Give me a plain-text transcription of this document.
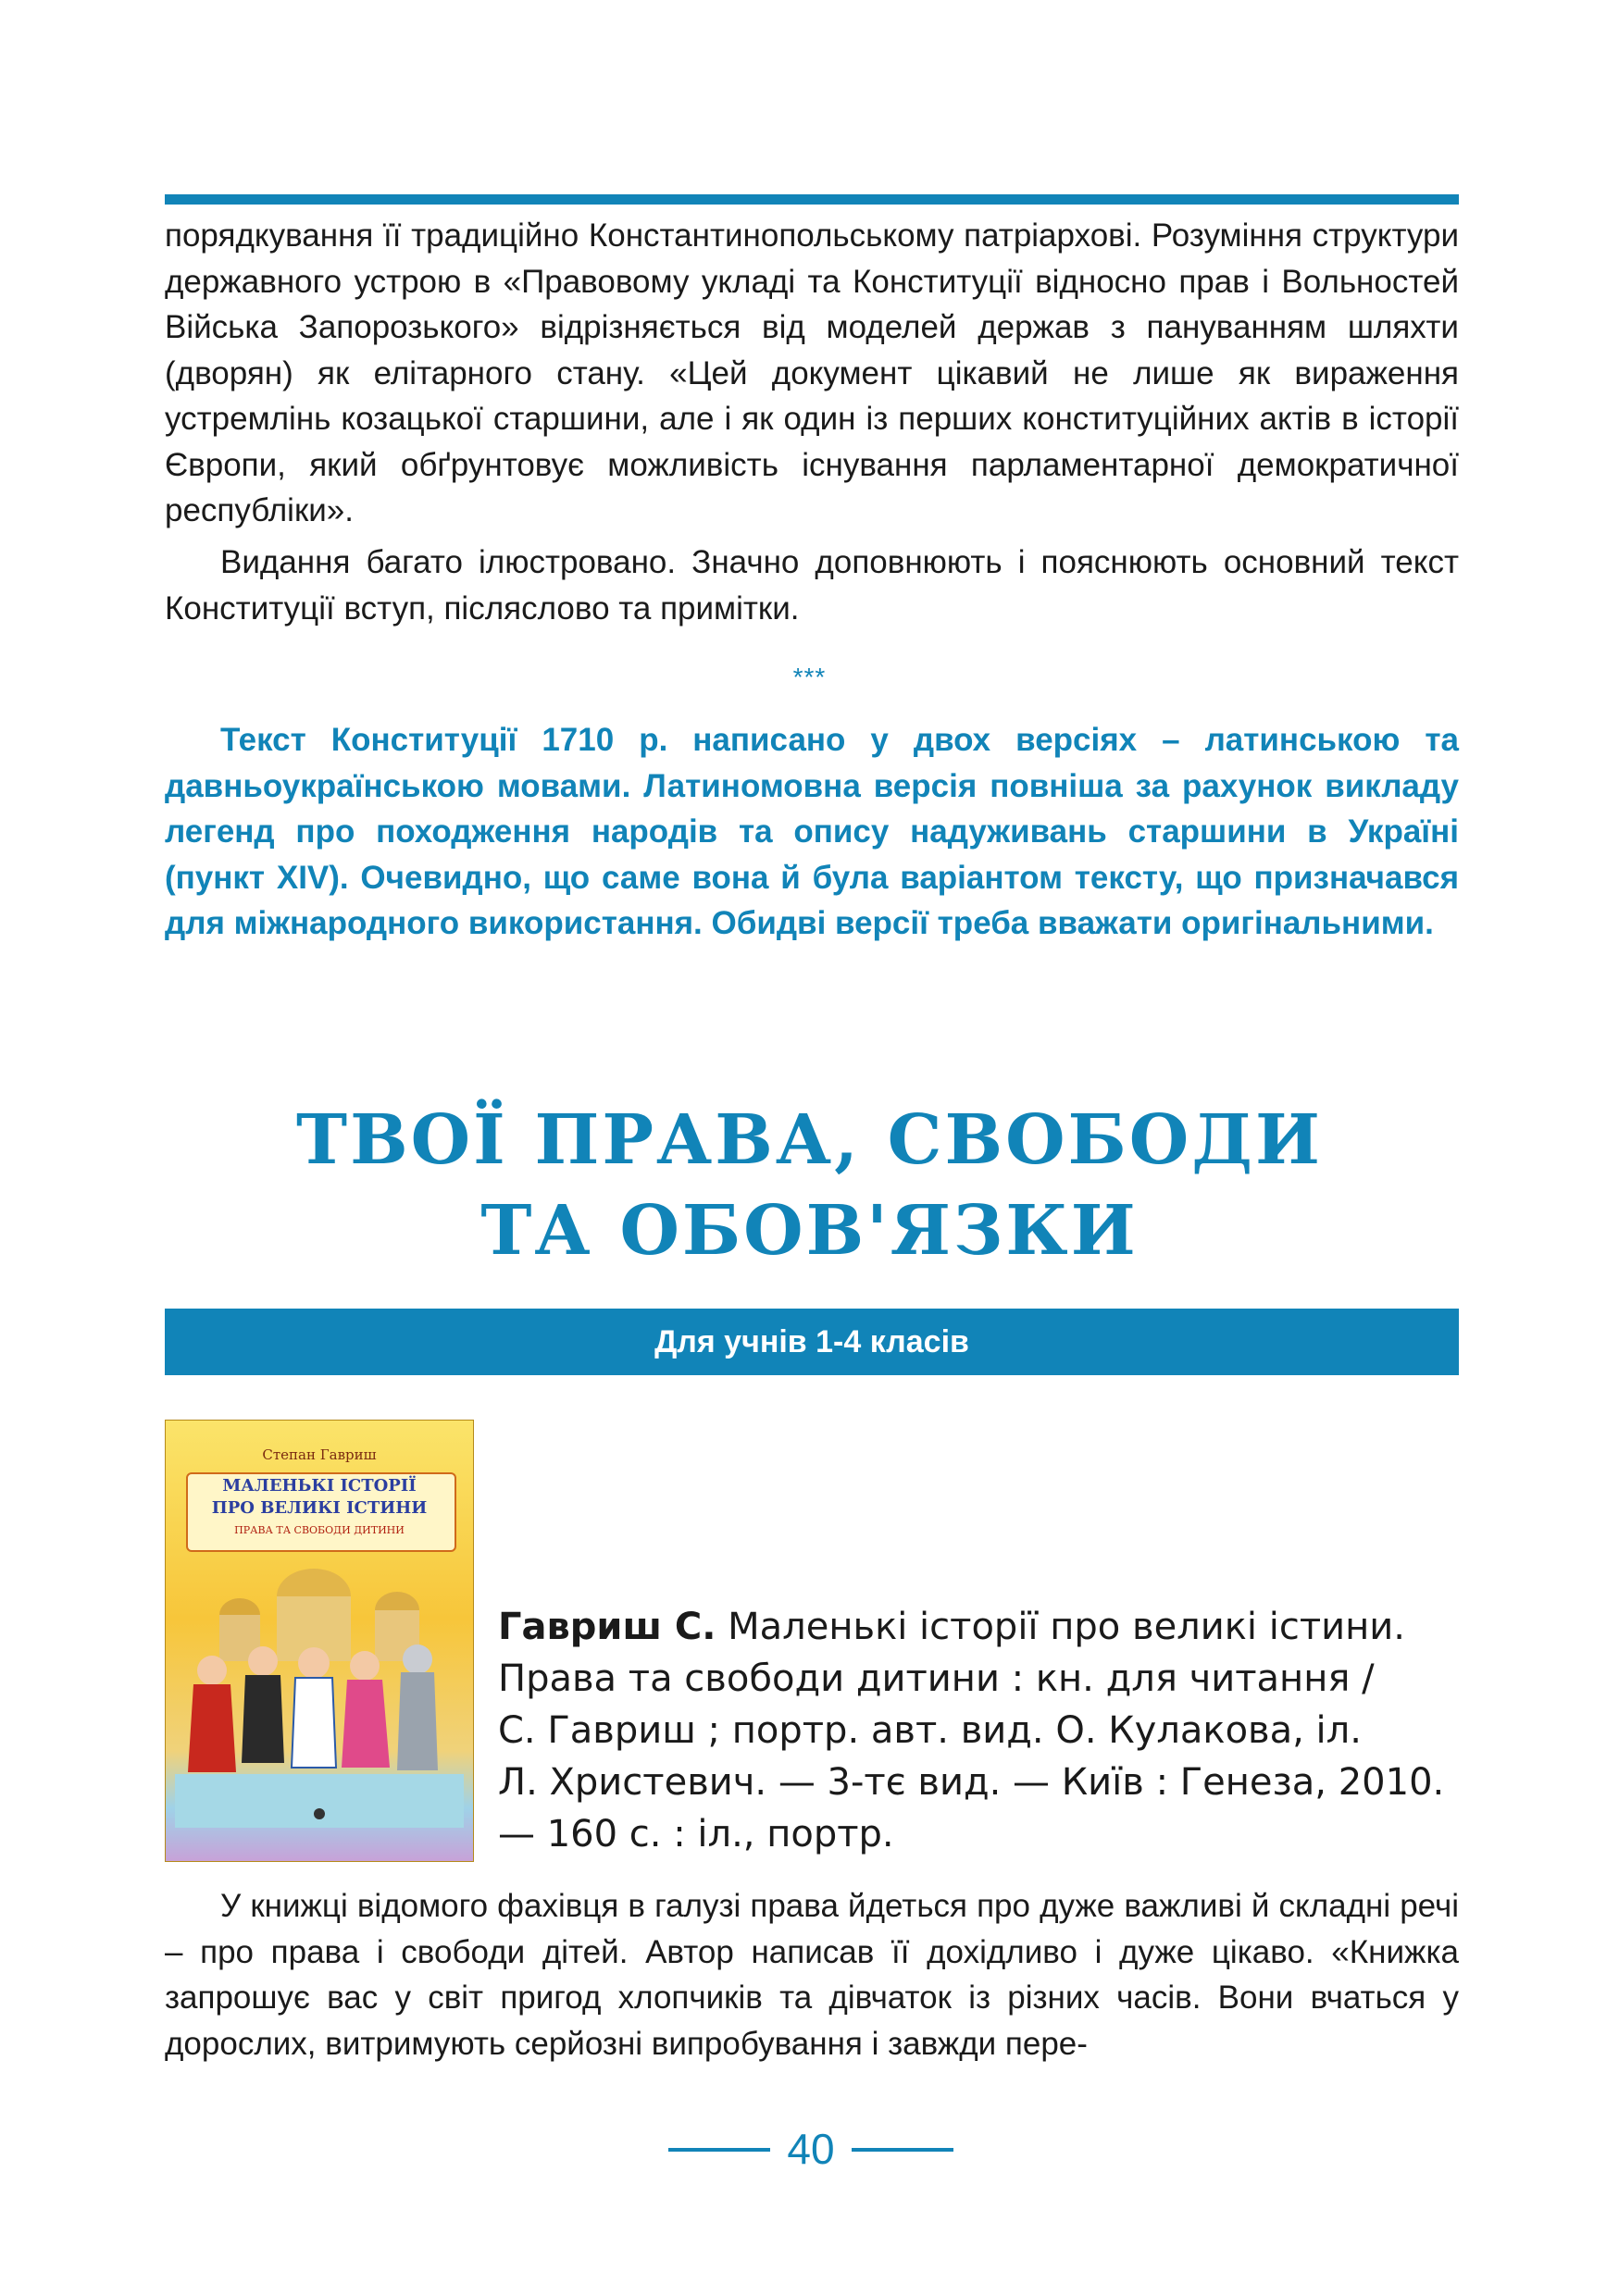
порядкування її традиційно Константинопольському патріархові. Розуміння структури державного устрою в «Правовому укладі та Конституції відносно прав і Вольностей Війська Запорозького» відрізняється від моделей держав з пануванням шляхти (дворян) як елітарного стану. «Цей документ цікавий не лише як вираження устремлінь козацької старшини, але і як один із перших конституційних актів в історії Європи, який обґрунтовує можливість існування парламентарної демократичної республіки».

Видання багато ілюстровано. Значно доповнюють і пояснюють основний текст Конституції вступ, післяслово та примітки.

***

Текст Конституції 1710 р. написано у двох версіях – латинською та давньоукраїнською мовами. Латиномовна версія повніша за рахунок викладу легенд про походження народів та опису надуживань старшини в Україні (пункт XIV). Очевидно, що саме вона й була варіантом тексту, що призначався для міжнародного використання. Обидві версії треба вважати оригінальними.

ТВОЇ ПРАВА, СВОБОДИ
ТА ОБОВ'ЯЗКИ
Для учнів 1-4 класів
Степан Гавриш
МАЛЕНЬКІ ІСТОРІЇ
ПРО ВЕЛИКІ ІСТИНИ
ПРАВА ТА СВОБОДИ ДИТИНИ
Гавриш С. Маленькі історії про великі істини.
Права та свободи дитини : кн. для читання /
С. Гавриш ; портр. авт. вид. О. Кулакова, іл.
Л. Христевич. — 3-тє вид. — Київ : Генеза, 2010.
— 160 с. : іл., портр.

У книжці відомого фахівця в галузі права йдеться про дуже важливі й складні речі – про права і свободи дітей. Автор написав її дохідливо і дуже цікаво. «Книжка запрошує вас у світ пригод хлопчиків та дівчаток із різних часів. Вони вчаться у дорослих, витримують серйозні випробування і завжди пере-

40
